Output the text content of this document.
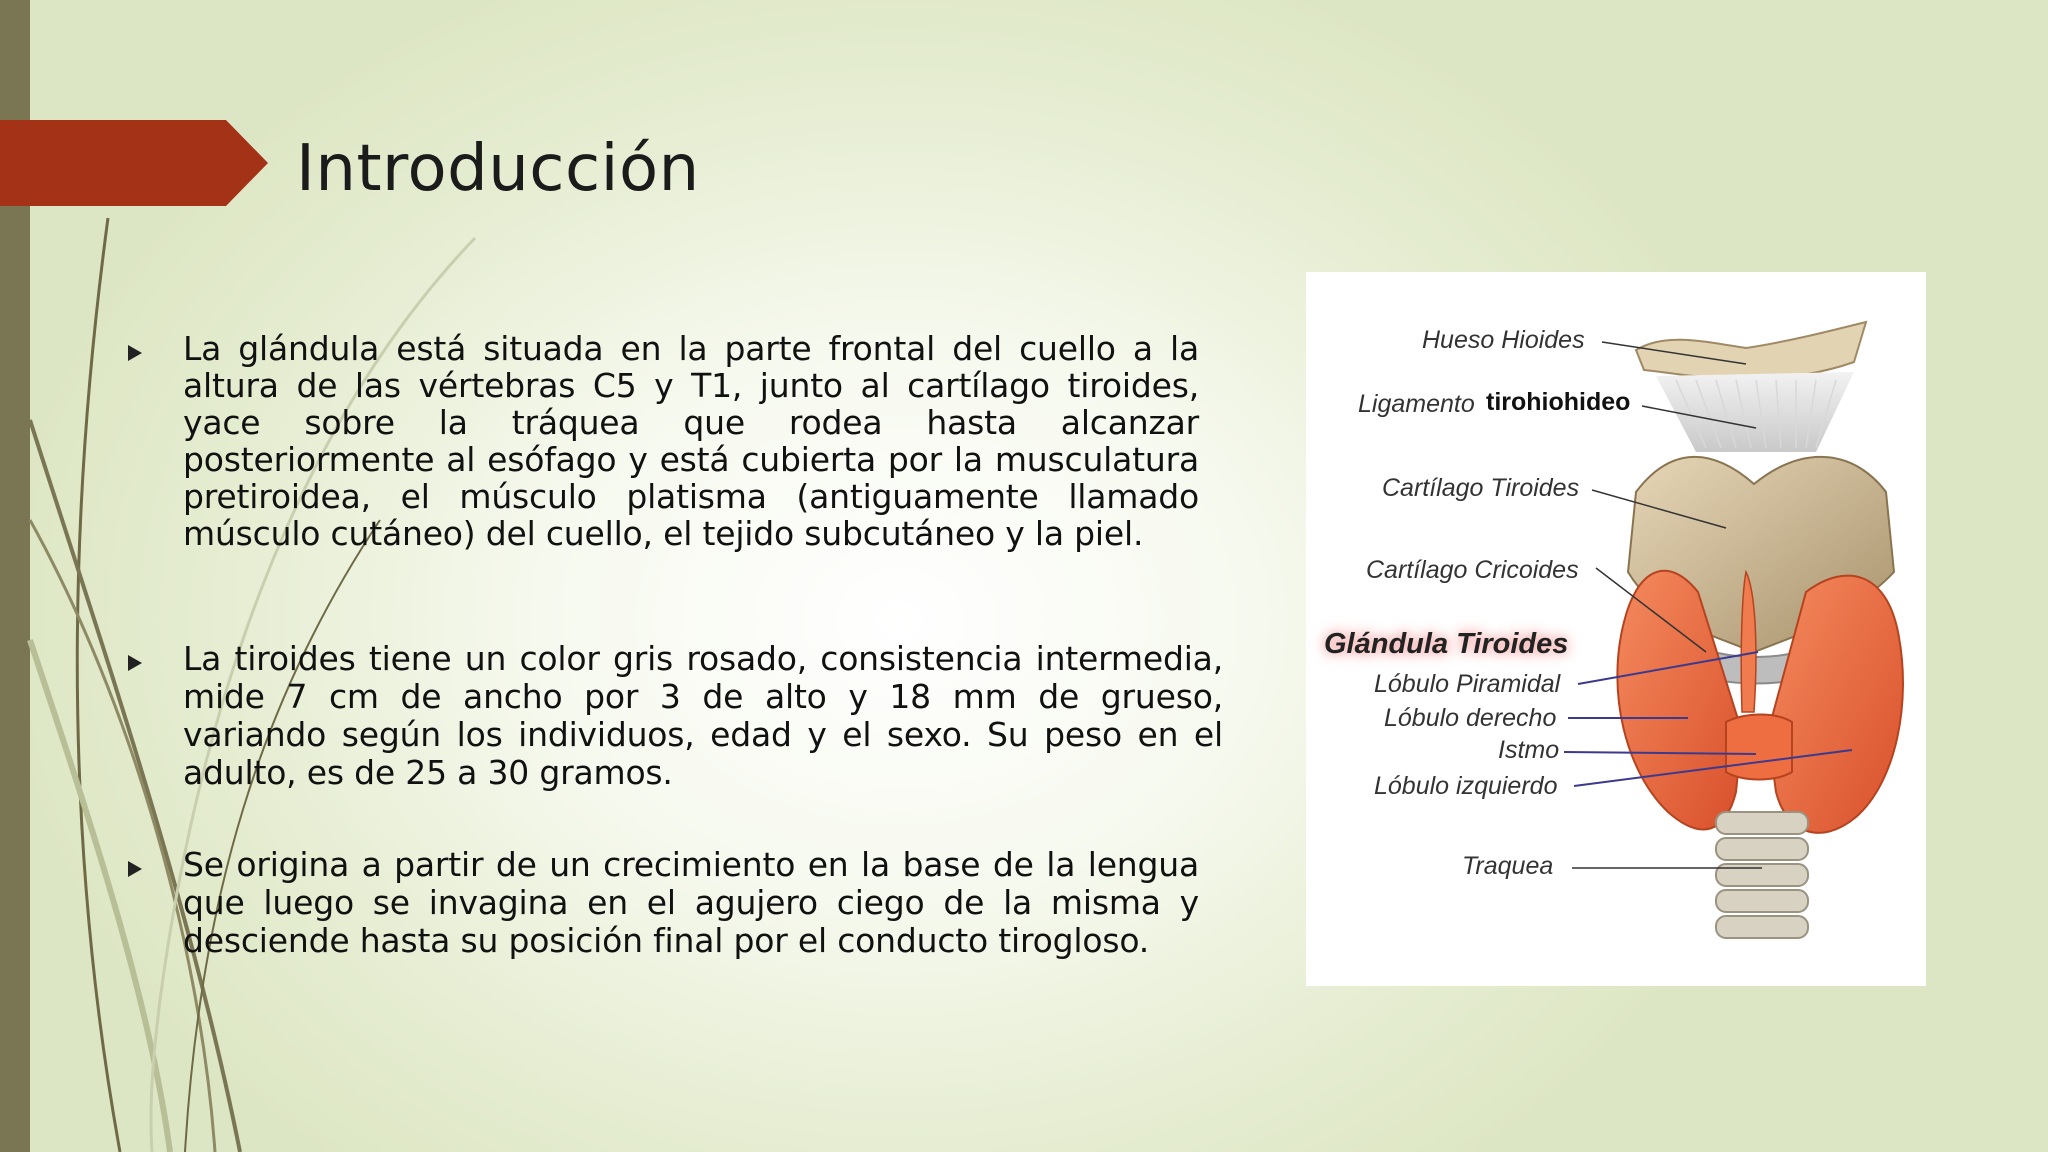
Introducción
La glándula está situada en la parte frontal del cuello a la altura de las vértebras C5 y T1, junto al cartílago tiroides, yace sobre la tráquea que rodea hasta alcanzar posteriormente al esófago y está cubierta por la musculatura pretiroidea, el músculo platisma (antiguamente llamado músculo cutáneo) del cuello, el tejido subcutáneo y la piel.
La tiroides tiene un color gris rosado, consistencia intermedia, mide 7 cm de ancho por 3 de alto y 18 mm de grueso, variando según los individuos, edad y el sexo. Su peso en el adulto, es de 25 a 30 gramos.
Se origina a partir de un crecimiento en la base de la lengua que luego se invagina en el agujero ciego de la misma y desciende hasta su posición final por el conducto tirogloso.
Hueso Hioides
Ligamento tirohiohideo
Cartílago Tiroides
Cartílago Cricoides
Glándula Tiroides
Lóbulo Piramidal
Lóbulo derecho
Istmo
Lóbulo izquierdo
Traquea
